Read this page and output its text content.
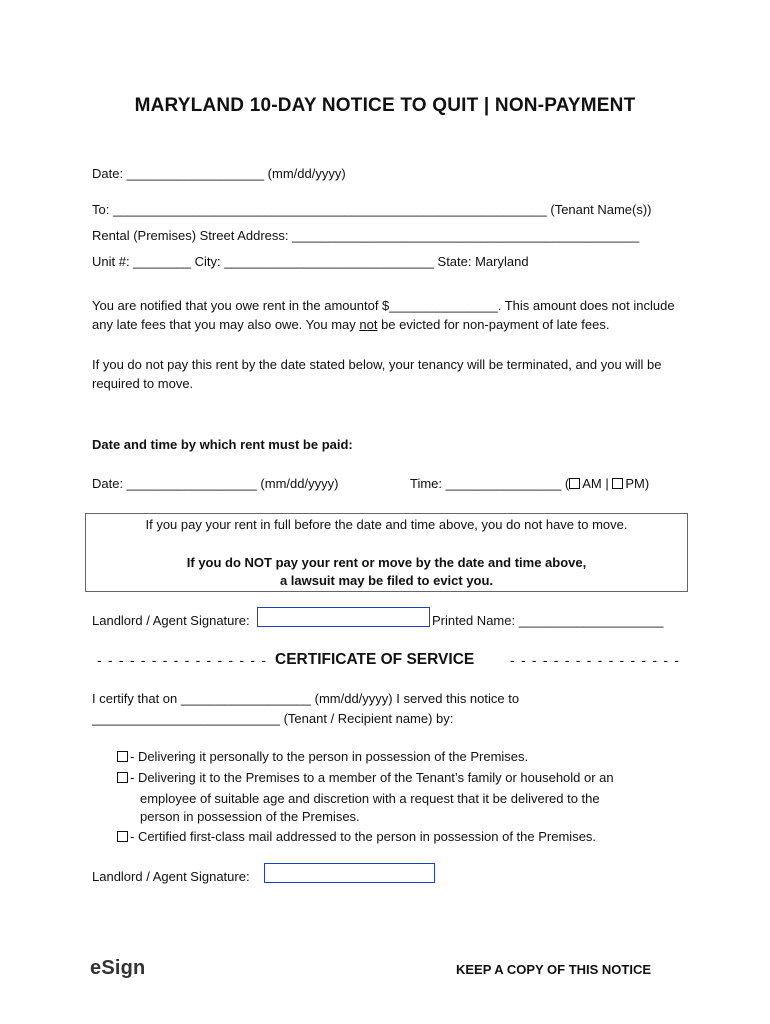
MARYLAND 10-DAY NOTICE TO QUIT | NON-PAYMENT
Date: ___________________ (mm/dd/yyyy)
To: ____________________________________________________________ (Tenant Name(s))
Rental (Premises) Street Address: ________________________________________________
Unit #: ________ City: _____________________________ State: Maryland
You are notified that you owe rent in the amountof $_______________. This amount does not include any late fees that you may also owe. You may not be evicted for non-payment of late fees.
If you do not pay this rent by the date stated below, your tenancy will be terminated, and you will be required to move.
Date and time by which rent must be paid:
Date: __________________ (mm/dd/yyyy)	Time: ________________ ( AM | PM)
If you pay your rent in full before the date and time above, you do not have to move.
If you do NOT pay your rent or move by the date and time above,
a lawsuit may be filed to evict you.
Landlord / Agent Signature:	Printed Name: ____________________
- - - - - - - - - - - - - - - - CERTIFICATE OF SERVICE	- - - - - - - - - - - - - - - -
I certify that on __________________ (mm/dd/yyyy) I served this notice to
__________________________ (Tenant / Recipient name) by:
- Delivering it personally to the person in possession of the Premises.
- Delivering it to the Premises to a member of the Tenant’s family or household or an
employee of suitable age and discretion with a request that it be delivered to the
person in possession of the Premises.
- Certified first-class mail addressed to the person in possession of the Premises.
Landlord / Agent Signature:
eSign	KEEP A COPY OF THIS NOTICE
